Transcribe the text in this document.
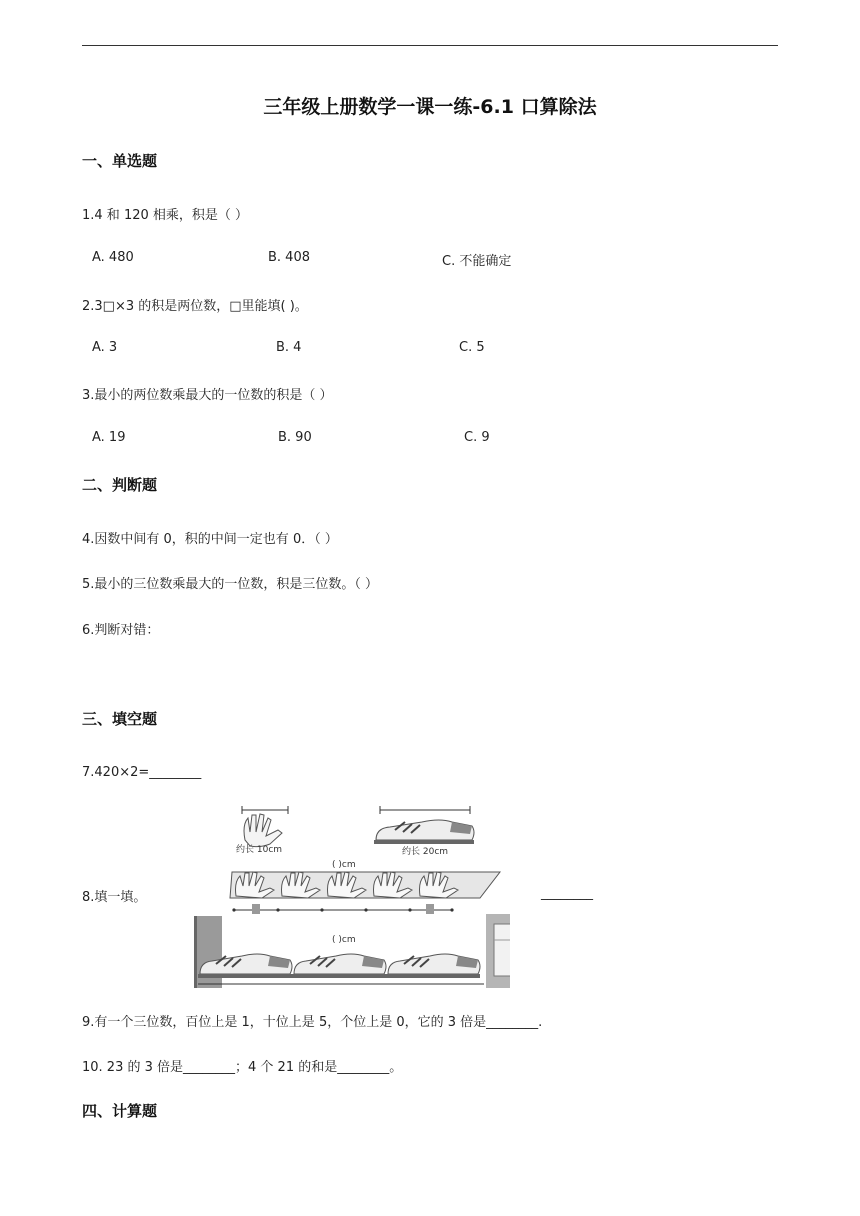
三年级上册数学一课一练-6.1 口算除法
一、单选题
1.4 和 120 相乘，积是（ ）
A. 480	B. 408	C. 不能确定
2.3□×3 的积是两位数，□里能填( )。
A. 3	B. 4	C. 5
3.最小的两位数乘最大的一位数的积是（ ）
A. 19	B. 90	C. 9
二、判断题
4.因数中间有 0，积的中间一定也有 0．（ ）
5.最小的三位数乘最大的一位数，积是三位数。（ ）
6.判断对错：
三、填空题
7.420×2=________
8.填一填。	________
约长 10cm	约长 20cm
( )cm
( )cm
9.有一个三位数，百位上是 1，十位上是 5，个位上是 0，它的 3 倍是________.
10. 23 的 3 倍是________；4 个 21 的和是________。
四、计算题
